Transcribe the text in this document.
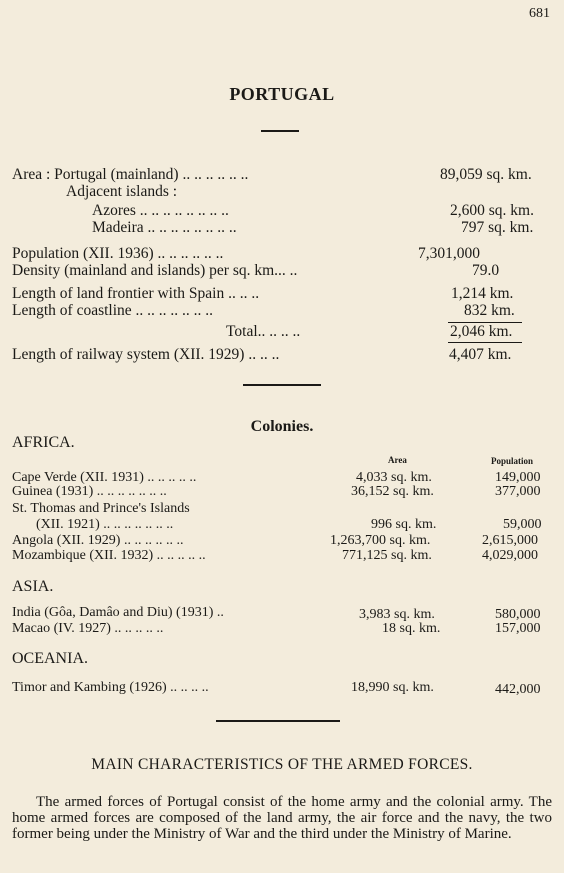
681
PORTUGAL
Area : Portugal (mainland) .. .. .. .. .. ..	89,059 sq. km.
Adjacent islands :
Azores .. .. .. .. .. .. .. ..	2,600 sq. km.
Madeira .. .. .. .. .. .. .. ..	797 sq. km.
Population (XII. 1936) .. .. .. .. .. ..	7,301,000
Density (mainland and islands) per sq. km... ..	79.0
Length of land frontier with Spain .. .. ..	1,214 km.
Length of coastline .. .. .. .. .. .. ..	832 km.
Total.. .. .. ..	2,046 km.
Length of railway system (XII. 1929) .. .. ..	4,407 km.
Colonies.
AFRICA.
Area	Population
Cape Verde (XII. 1931) .. .. .. .. ..	4,033 sq. km.	149,000
Guinea (1931) .. .. .. .. .. .. ..	36,152 sq. km.	377,000
St. Thomas and Prince's Islands
(XII. 1921) .. .. .. .. .. .. ..	996 sq. km.	59,000
Angola (XII. 1929) .. .. .. .. .. ..	1,263,700 sq. km.	2,615,000
Mozambique (XII. 1932) .. .. .. .. ..	771,125 sq. km.	4,029,000
ASIA.
India (Gôa, Damâo and Diu) (1931) ..	3,983 sq. km.	580,000
Macao (IV. 1927) .. .. .. .. ..	18 sq. km.	157,000
OCEANIA.
Timor and Kambing (1926) .. .. .. ..	18,990 sq. km.	442,000
MAIN CHARACTERISTICS OF THE ARMED FORCES.
The armed forces of Portugal consist of the home army and the colonial army. The home armed forces are composed of the land army, the air force and the navy, the two former being under the Ministry of War and the third under the Ministry of Marine.
